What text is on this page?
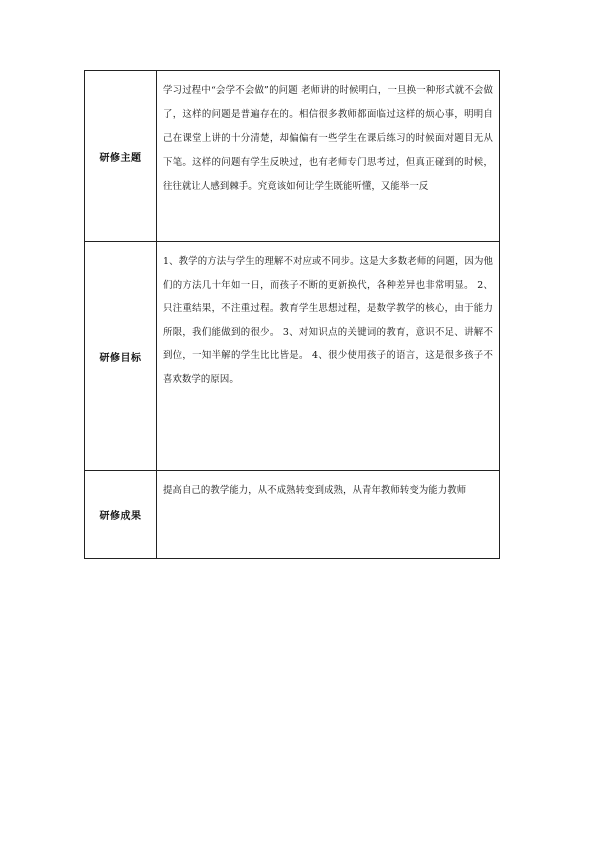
研修主题	学习过程中“会学不会做”的问题 老师讲的时候明白，一旦换一种形式就不会做了，这样的问题是普遍存在的。相信很多教师都面临过这样的烦心事，明明自己在课堂上讲的十分清楚，却偏偏有一些学生在课后练习的时候面对题目无从下笔。这样的问题有学生反映过，也有老师专门思考过，但真正碰到的时候，往往就让人感到棘手。究竟该如何让学生既能听懂，又能举一反
研修目标	1、教学的方法与学生的理解不对应或不同步。这是大多数老师的问题，因为他们的方法几十年如一日，而孩子不断的更新换代，各种差异也非常明显。 2、只注重结果，不注重过程。教育学生思想过程，是数学教学的核心，由于能力所限，我们能做到的很少。 3、对知识点的关键词的教育，意识不足、讲解不到位，一知半解的学生比比皆是。 4、很少使用孩子的语言，这是很多孩子不喜欢数学的原因。
研修成果	提高自己的教学能力，从不成熟转变到成熟，从青年教师转变为能力教师
